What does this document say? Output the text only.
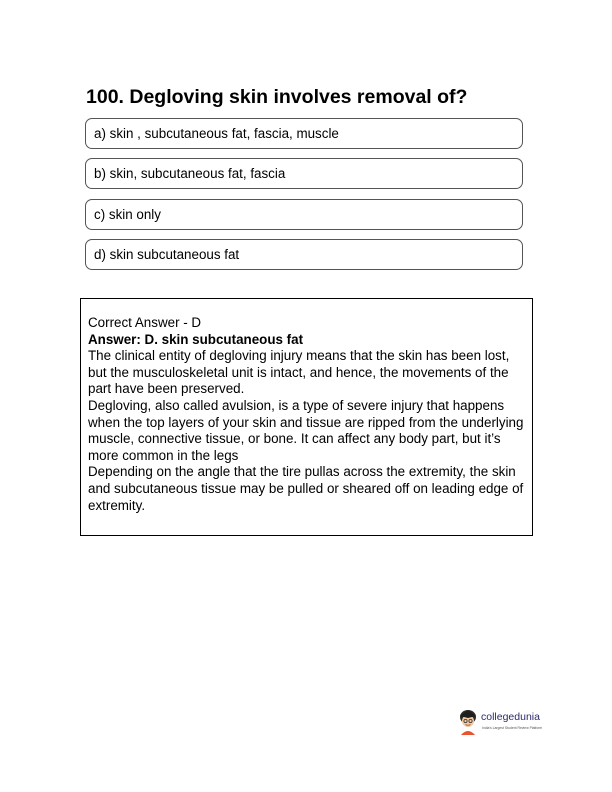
100. Degloving skin involves removal of?
a) skin , subcutaneous fat, fascia, muscle
b) skin, subcutaneous fat, fascia
c) skin only
d) skin subcutaneous fat

Correct Answer - D

Answer: D. skin subcutaneous fat

The clinical entity of degloving injury means that the skin has been lost, but the musculoskeletal unit is intact, and hence, the movements of the part have been preserved.

Degloving, also called avulsion, is a type of severe injury that happens when the top layers of your skin and tissue are ripped from the underlying muscle, connective tissue, or bone. It can affect any body part, but it’s more common in the legs

Depending on the angle that the tire pullas across the extremity, the skin and subcutaneous tissue may be pulled or sheared off on leading edge of extremity.

collegedunia
India's Largest Student Review Platform
